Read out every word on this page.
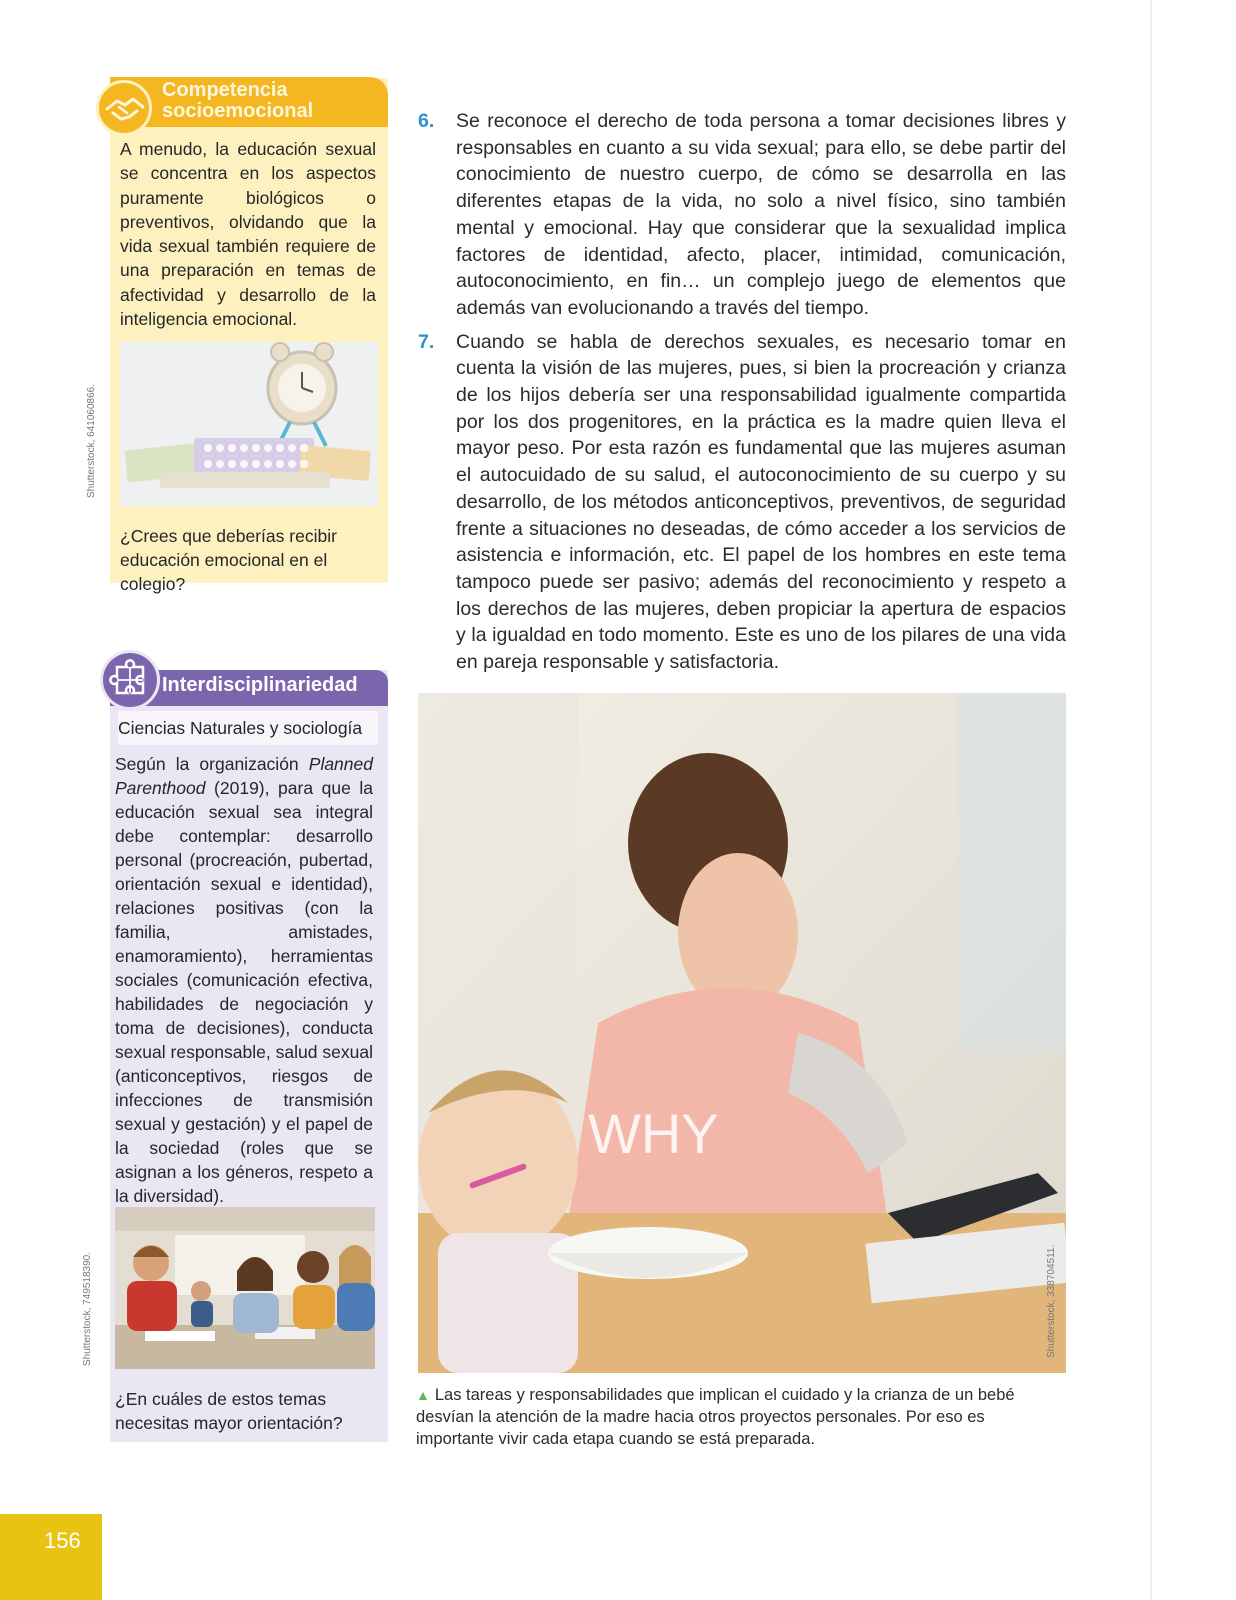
Competencia
socioemocional
A menudo, la educación sexual se concentra en los aspectos puramente biológicos o preventivos, olvidando que la vida sexual también requiere de una preparación en temas de afectividad y desarrollo de la inteligencia emocional.
Shutterstock, 641060866.
¿Crees que deberías recibir educación emocional en el colegio?
Interdisciplinariedad
Ciencias Naturales y sociología
Según la organización Planned Parenthood (2019), para que la educación sexual sea integral debe contemplar: desarrollo personal (procreación, pubertad, orientación sexual e identidad), relaciones positivas (con la familia, amistades, enamoramiento), herramientas sociales (comunicación efectiva, habilidades de negociación y toma de decisiones), conducta sexual responsable, salud sexual (anticonceptivos, riesgos de infecciones de transmisión sexual y gestación) y el papel de la sociedad (roles que se asignan a los géneros, respeto a la diversidad).
Shutterstock, 749518390.
¿En cuáles de estos temas necesitas mayor orientación?

6. Se reconoce el derecho de toda persona a tomar decisiones libres y responsables en cuanto a su vida sexual; para ello, se debe partir del conocimiento de nuestro cuerpo, de cómo se desarrolla en las diferentes etapas de la vida, no solo a nivel físico, sino también mental y emocional. Hay que considerar que la sexualidad implica factores de identidad, afecto, placer, intimidad, comunicación, autoconocimiento, en fin… un complejo juego de elementos que además van evolucionando a través del tiempo.

7. Cuando se habla de derechos sexuales, es necesario tomar en cuenta la visión de las mujeres, pues, si bien la procreación y crianza de los hijos debería ser una responsabilidad igualmente compartida por los dos progenitores, en la práctica es la madre quien lleva el mayor peso. Por esta razón es fundamental que las mujeres asuman el autocuidado de su salud, el autoconocimiento de su cuerpo y su desarrollo, de los métodos anticonceptivos, preventivos, de seguridad frente a situaciones no deseadas, de cómo acceder a los servicios de asistencia e información, etc. El papel de los hombres en este tema tampoco puede ser pasivo; además del reconocimiento y respeto a los derechos de las mujeres, deben propiciar la apertura de espacios y la igualdad en todo momento. Este es uno de los pilares de una vida en pareja responsable y satisfactoria.

WHY
Shutterstock, 338704511.
▲ Las tareas y responsabilidades que implican el cuidado y la crianza de un bebé desvían la atención de la madre hacia otros proyectos personales. Por eso es importante vivir cada etapa cuando se está preparada.
156
